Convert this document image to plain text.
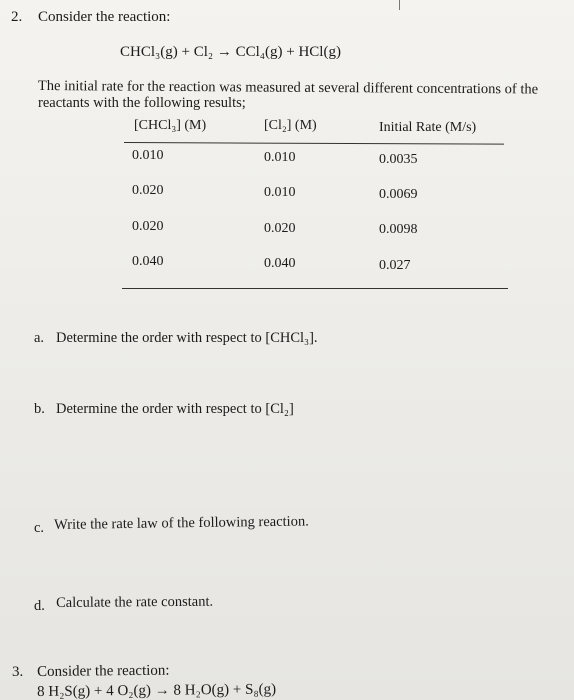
2. Consider the reaction:
CHCl₃(g) + Cl₂ → CCl₄(g) + HCl(g)
The initial rate for the reaction was measured at several different concentrations of the
reactants with the following results;
[CHCl₃] (M)	[Cl₂] (M)	Initial Rate (M/s)
0.010	0.010	0.0035
0.020	0.010	0.0069
0.020	0.020	0.0098
0.040	0.040	0.027
a. Determine the order with respect to [CHCl₃].
b. Determine the order with respect to [Cl₂]
c. Write the rate law of the following reaction.
d. Calculate the rate constant.
3. Consider the reaction:
8 H₂S(g) + 4 O₂(g) → 8 H₂O(g) + S₈(g)
